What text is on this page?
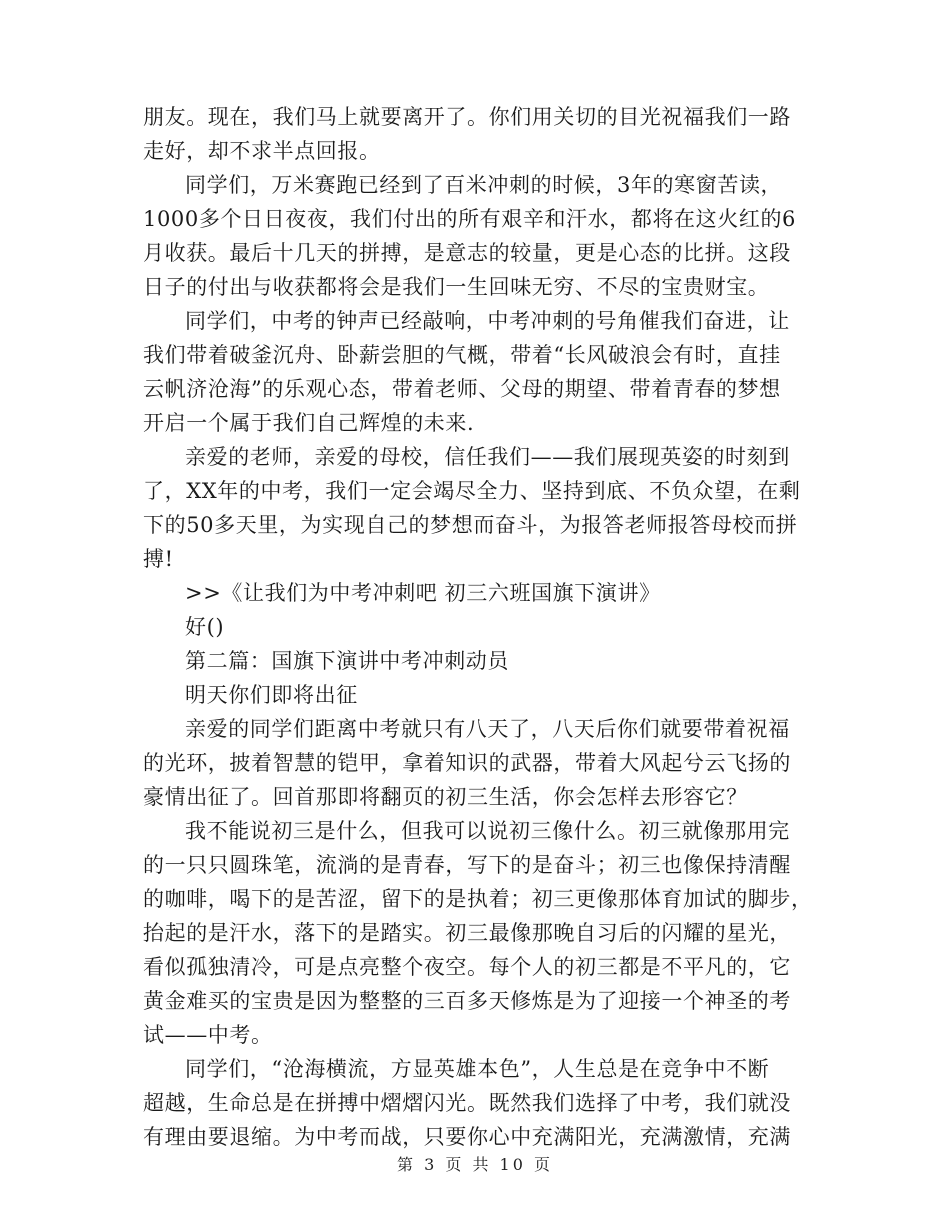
朋友。现在，我们马上就要离开了。你们用关切的目光祝福我们一路
走好，却不求半点回报。
同学们，万米赛跑已经到了百米冲刺的时候，3年的寒窗苦读，
1000多个日日夜夜，我们付出的所有艰辛和汗水，都将在这火红的6
月收获。最后十几天的拼搏，是意志的较量，更是心态的比拼。这段
日子的付出与收获都将会是我们一生回味无穷、不尽的宝贵财宝。
同学们，中考的钟声已经敲响，中考冲刺的号角催我们奋进，让
我们带着破釜沉舟、卧薪尝胆的气概，带着“长风破浪会有时，直挂
云帆济沧海”的乐观心态，带着老师、父母的期望、带着青春的梦想
开启一个属于我们自己辉煌的未来.
亲爱的老师，亲爱的母校，信任我们——我们展现英姿的时刻到
了，XX年的中考，我们一定会竭尽全力、坚持到底、不负众望，在剩
下的50多天里，为实现自己的梦想而奋斗，为报答老师报答母校而拼
搏!
>>《让我们为中考冲刺吧 初三六班国旗下演讲》
好()
第二篇：国旗下演讲中考冲刺动员
明天你们即将出征
亲爱的同学们距离中考就只有八天了，八天后你们就要带着祝福
的光环，披着智慧的铠甲，拿着知识的武器，带着大风起兮云飞扬的
豪情出征了。回首那即将翻页的初三生活，你会怎样去形容它？
我不能说初三是什么，但我可以说初三像什么。初三就像那用完
的一只只圆珠笔，流淌的是青春，写下的是奋斗；初三也像保持清醒
的咖啡，喝下的是苦涩，留下的是执着；初三更像那体育加试的脚步，
抬起的是汗水，落下的是踏实。初三最像那晚自习后的闪耀的星光，
看似孤独清冷，可是点亮整个夜空。每个人的初三都是不平凡的，它
黄金难买的宝贵是因为整整的三百多天修炼是为了迎接一个神圣的考
试——中考。
同学们，“沧海横流，方显英雄本色”，人生总是在竞争中不断
超越，生命总是在拼搏中熠熠闪光。既然我们选择了中考，我们就没
有理由要退缩。为中考而战，只要你心中充满阳光，充满激情，充满
第 3 页 共 10 页
